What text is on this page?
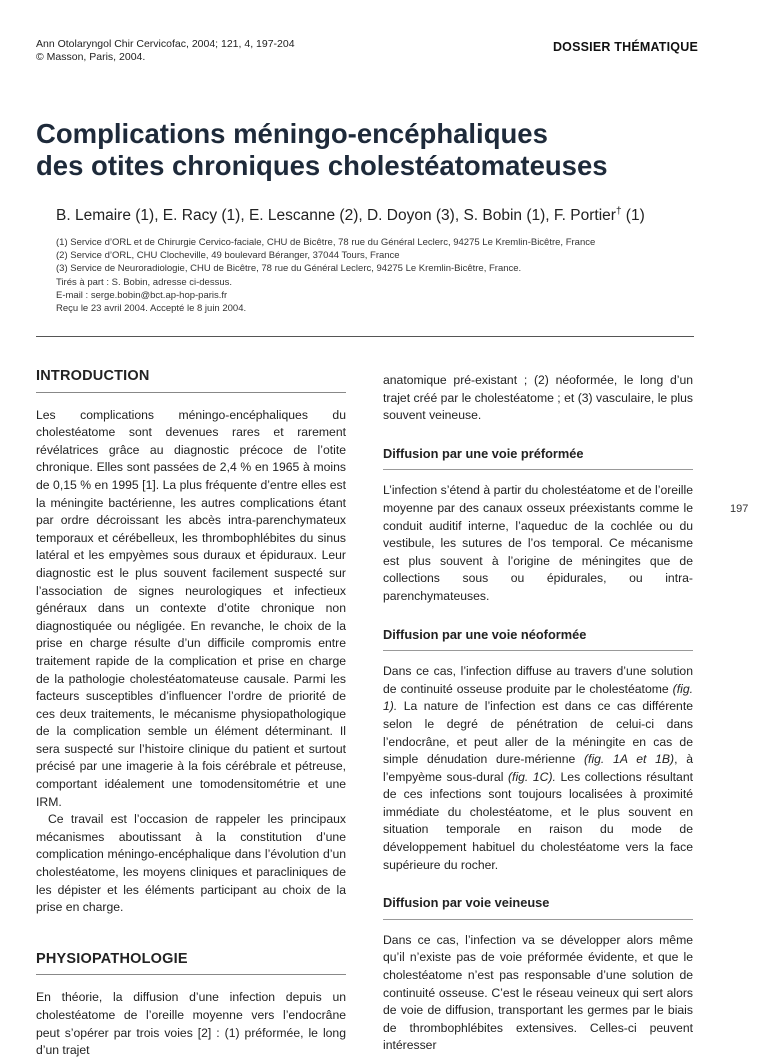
Ann Otolaryngol Chir Cervicofac, 2004; 121, 4, 197-204
© Masson, Paris, 2004.
DOSSIER THÉMATIQUE
Complications méningo-encéphaliques
des otites chroniques cholestéatomateuses
B. Lemaire (1), E. Racy (1), E. Lescanne (2), D. Doyon (3), S. Bobin (1), F. Portier† (1)
(1) Service d’ORL et de Chirurgie Cervico-faciale, CHU de Bicêtre, 78 rue du Général Leclerc, 94275 Le Kremlin-Bicêtre, France
(2) Service d’ORL, CHU Clocheville, 49 boulevard Béranger, 37044 Tours, France
(3) Service de Neuroradiologie, CHU de Bicêtre, 78 rue du Général Leclerc, 94275 Le Kremlin-Bicêtre, France.
Tirés à part : S. Bobin, adresse ci-dessus.
E-mail : serge.bobin@bct.ap-hop-paris.fr
Reçu le 23 avril 2004. Accepté le 8 juin 2004.
INTRODUCTION

Les complications méningo-encéphaliques du cholestéatome sont devenues rares et rarement révélatrices grâce au diagnostic précoce de l’otite chronique. Elles sont passées de 2,4 % en 1965 à moins de 0,15 % en 1995 [1]. La plus fréquente d’entre elles est la méningite bactérienne, les autres complications étant par ordre décroissant les abcès intra-parenchymateux temporaux et cérébelleux, les thrombophlébites du sinus latéral et les empyèmes sous duraux et épiduraux. Leur diagnostic est le plus souvent facilement suspecté sur l’association de signes neurologiques et infectieux généraux dans un contexte d’otite chronique non diagnostiquée ou négligée. En revanche, le choix de la prise en charge résulte d’un difficile compromis entre traitement rapide de la complication et prise en charge de la pathologie cholestéatomateuse causale. Parmi les facteurs susceptibles d’influencer l’ordre de priorité de ces deux traitements, le mécanisme physiopathologique de la complication semble un élément déterminant. Il sera suspecté sur l’histoire clinique du patient et surtout précisé par une imagerie à la fois cérébrale et pétreuse, comportant idéalement une tomodensitométrie et une IRM.

Ce travail est l’occasion de rappeler les principaux mécanismes aboutissant à la constitution d’une complication méningo-encéphalique dans l’évolution d’un cholestéatome, les moyens cliniques et paracliniques de les dépister et les éléments participant au choix de la prise en charge.

PHYSIOPATHOLOGIE

En théorie, la diffusion d’une infection depuis un cholestéatome de l’oreille moyenne vers l’endocrâne peut s’opérer par trois voies [2] : (1) préformée, le long d’un trajet

anatomique pré-existant ; (2) néoformée, le long d’un trajet créé par le cholestéatome ; et (3) vasculaire, le plus souvent veineuse.

Diffusion par une voie préformée

L’infection s’étend à partir du cholestéatome et de l’oreille moyenne par des canaux osseux préexistants comme le conduit auditif interne, l’aqueduc de la cochlée ou du vestibule, les sutures de l’os temporal. Ce mécanisme est plus souvent à l’origine de méningites que de collections sous ou épidurales, ou intra-parenchymateuses.

Diffusion par une voie néoformée

Dans ce cas, l’infection diffuse au travers d’une solution de continuité osseuse produite par le cholestéatome (fig. 1). La nature de l’infection est dans ce cas différente selon le degré de pénétration de celui-ci dans l’endocrâne, et peut aller de la méningite en cas de simple dénudation dure-mérienne (fig. 1A et 1B), à l’empyème sous-dural (fig. 1C). Les collections résultant de ces infections sont toujours localisées à proximité immédiate du cholestéatome, et le plus souvent en situation temporale en raison du mode de développement habituel du cholestéatome vers la face supérieure du rocher.

Diffusion par voie veineuse

Dans ce cas, l’infection va se développer alors même qu’il n’existe pas de voie préformée évidente, et que le cholestéatome n’est pas responsable d’une solution de continuité osseuse. C’est le réseau veineux qui sert alors de voie de diffusion, transportant les germes par le biais de thrombophlébites extensives. Celles-ci peuvent intéresser

197
